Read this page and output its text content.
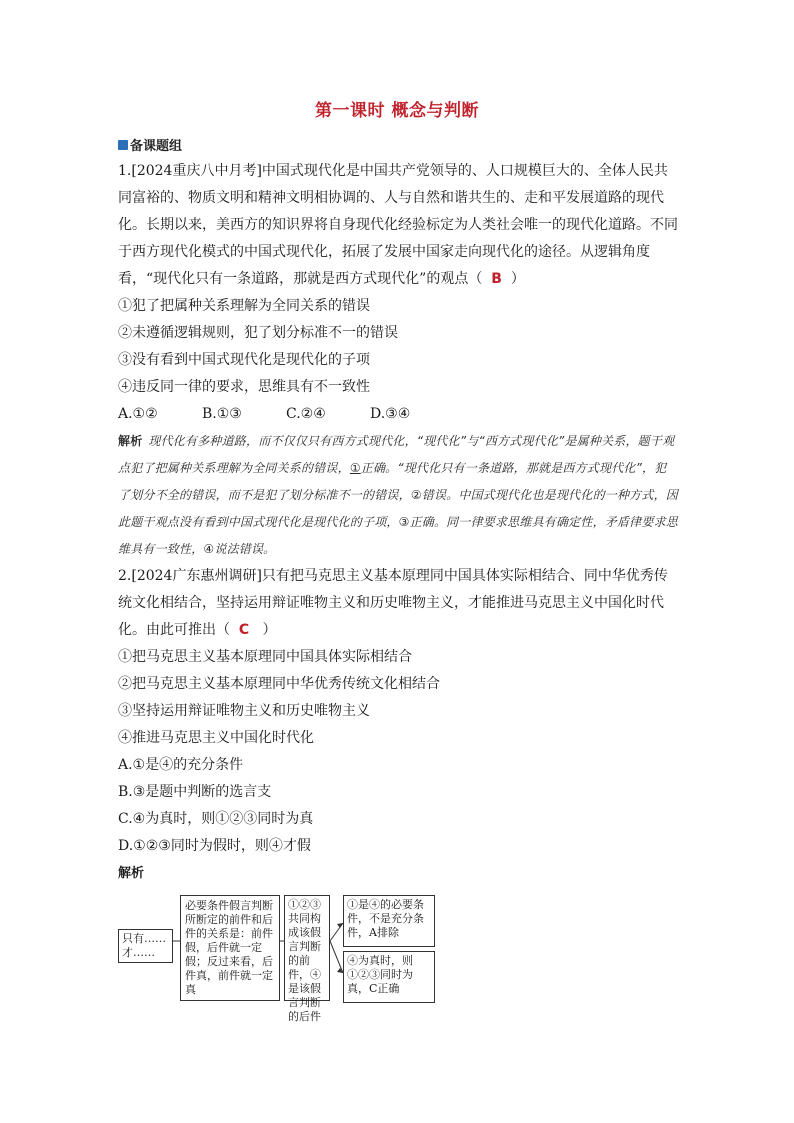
第一课时 概念与判断
备课题组

1.[2024重庆八中月考]中国式现代化是中国共产党领导的、人口规模巨大的、全体人民共同富裕的、物质文明和精神文明相协调的、人与自然和谐共生的、走和平发展道路的现代化。长期以来，美西方的知识界将自身现代化经验标定为人类社会唯一的现代化道路。不同于西方现代化模式的中国式现代化，拓展了发展中国家走向现代化的途径。从逻辑角度看，“现代化只有一条道路，那就是西方式现代化”的观点（ B ）

①犯了把属种关系理解为全同关系的错误

②未遵循逻辑规则，犯了划分标准不一的错误

③没有看到中国式现代化是现代化的子项

④违反同一律的要求，思维具有不一致性

A.①②	B.①③	C.②④	D.③④

解析 现代化有多种道路，而不仅仅只有西方式现代化，“现代化”与“西方式现代化”是属种关系，题干观点犯了把属种关系理解为全同关系的错误，①正确。“现代化只有一条道路，那就是西方式现代化”，犯了划分不全的错误，而不是犯了划分标准不一的错误，②错误。中国式现代化也是现代化的一种方式，因此题干观点没有看到中国式现代化是现代化的子项，③正确。同一律要求思维具有确定性，矛盾律要求思维具有一致性，④说法错误。

2.[2024广东惠州调研]只有把马克思主义基本原理同中国具体实际相结合、同中华优秀传统文化相结合，坚持运用辩证唯物主义和历史唯物主义，才能推进马克思主义中国化时代化。由此可推出（ C ）

①把马克思主义基本原理同中国具体实际相结合

②把马克思主义基本原理同中华优秀传统文化相结合

③坚持运用辩证唯物主义和历史唯物主义

④推进马克思主义中国化时代化

A.①是④的充分条件

B.③是题中判断的选言支

C.④为真时，则①②③同时为真

D.①②③同时为假时，则④才假

解析

只有……才……
必要条件假言判断所断定的前件和后件的关系是：前件假，后件就一定假；反过来看，后件真，前件就一定真
①②③共同构成该假言判断的前件，④是该假言判断的后件
①是④的必要条件，不是充分条件，A排除
④为真时，则①②③同时为真，C正确
